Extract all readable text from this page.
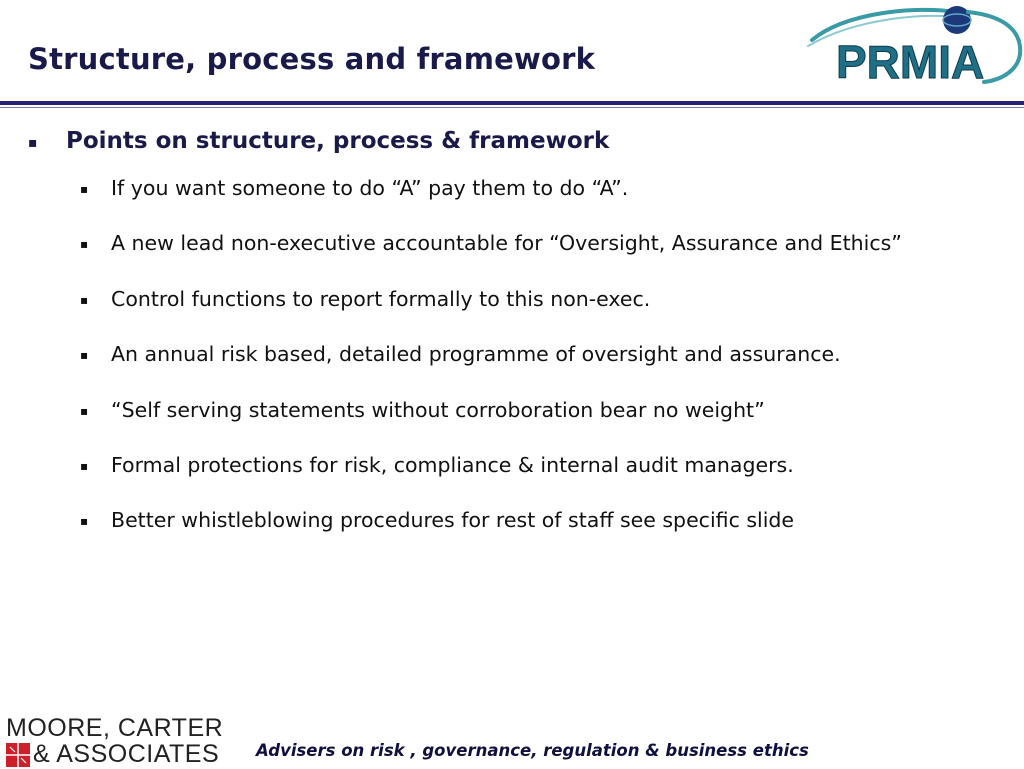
Structure, process and framework	PRMIA
▪	Points on structure, process & framework
▪	If you want someone to do “A” pay them to do “A”.
▪	A new lead non-executive accountable for “Oversight, Assurance and Ethics”
▪	Control functions to report formally to this non-exec.
▪	An annual risk based, detailed programme of oversight and assurance.
▪	“Self serving statements without corroboration bear no weight”
▪	Formal protections for risk, compliance & internal audit managers.
▪	Better whistleblowing procedures for rest of staff see specific slide
MOORE, CARTER
& ASSOCIATES Advisers on risk , governance, regulation & business ethics
